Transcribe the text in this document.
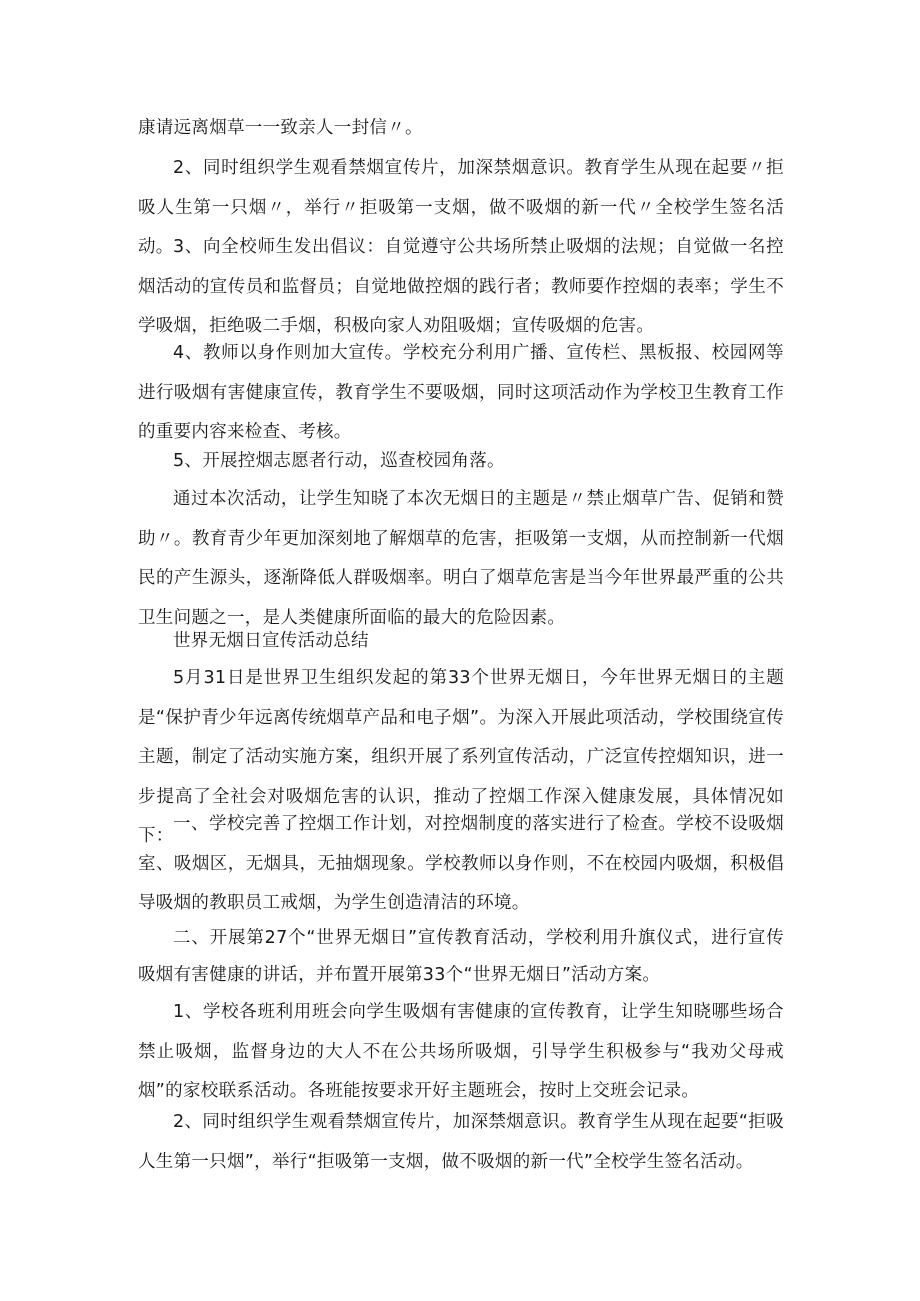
康请远离烟草一一致亲人一封信〃。

2、同时组织学生观看禁烟宣传片，加深禁烟意识。教育学生从现在起要〃拒吸人生第一只烟〃，举行〃拒吸第一支烟，做不吸烟的新一代〃全校学生签名活动。 3、向全校师生发出倡议：自觉遵守公共场所禁止吸烟的法规；自觉做一名控烟活动的宣传员和监督员；自觉地做控烟的践行者；教师要作控烟的表率；学生不学吸烟，拒绝吸二手烟，积极向家人劝阻吸烟；宣传吸烟的危害。

4、教师以身作则加大宣传。学校充分利用广播、宣传栏、黑板报、校园网等进行吸烟有害健康宣传，教育学生不要吸烟，同时这项活动作为学校卫生教育工作的重要内容来检查、考核。

5、开展控烟志愿者行动，巡查校园角落。

通过本次活动，让学生知晓了本次无烟日的主题是〃禁止烟草广告、促销和赞助〃。教育青少年更加深刻地了解烟草的危害，拒吸第一支烟，从而控制新一代烟民的产生源头，逐渐降低人群吸烟率。明白了烟草危害是当今年世界最严重的公共卫生问题之一，是人类健康所面临的最大的危险因素。

世界无烟日宣传活动总结

5月31日是世界卫生组织发起的第33个世界无烟日，今年世界无烟日的主题是“保护青少年远离传统烟草产品和电子烟”。为深入开展此项活动，学校围绕宣传主题，制定了活动实施方案，组织开展了系列宣传活动，广泛宣传控烟知识，进一步提高了全社会对吸烟危害的认识，推动了控烟工作深入健康发展，具体情况如下：

一、学校完善了控烟工作计划，对控烟制度的落实进行了检查。学校不设吸烟室、吸烟区，无烟具，无抽烟现象。学校教师以身作则，不在校园内吸烟，积极倡导吸烟的教职员工戒烟，为学生创造清洁的环境。

二、开展第27个“世界无烟日”宣传教育活动，学校利用升旗仪式，进行宣传吸烟有害健康的讲话，并布置开展第33个“世界无烟日”活动方案。

1、学校各班利用班会向学生吸烟有害健康的宣传教育，让学生知晓哪些场合禁止吸烟，监督身边的大人不在公共场所吸烟，引导学生积极参与“我劝父母戒烟”的家校联系活动。各班能按要求开好主题班会，按时上交班会记录。

2、同时组织学生观看禁烟宣传片，加深禁烟意识。教育学生从现在起要“拒吸人生第一只烟”，举行“拒吸第一支烟，做不吸烟的新一代”全校学生签名活动。
